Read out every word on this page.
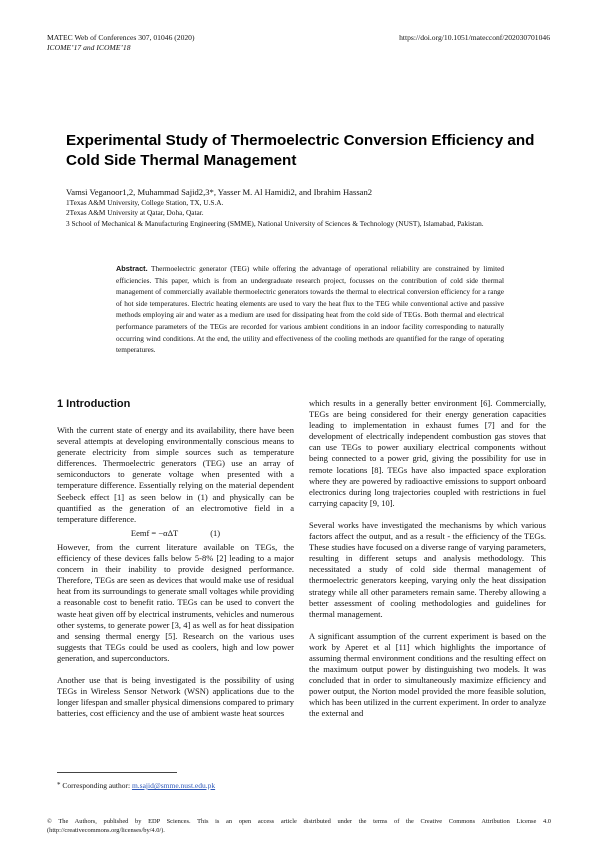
MATEC Web of Conferences 307, 01046 (2020)
ICOME’17 and ICOME’18
https://doi.org/10.1051/matecconf/202030701046
Experimental Study of Thermoelectric Conversion Efficiency and Cold Side Thermal Management
Vamsi Veganoor1,2, Muhammad Sajid2,3*, Yasser M. Al Hamidi2, and Ibrahim Hassan2

1Texas A&M University, College Station, TX, U.S.A.

2Texas A&M University at Qatar, Doha, Qatar.

3 School of Mechanical & Manufacturing Engineering (SMME), National University of Sciences & Technology (NUST), Islamabad, Pakistan.

Abstract. Thermoelectric generator (TEG) while offering the advantage of operational reliability are constrained by limited efficiencies. This paper, which is from an undergraduate research project, focusses on the contribution of cold side thermal management of commercially available thermoelectric generators towards the thermal to electrical conversion efficiency for a range of hot side temperatures. Electric heating elements are used to vary the heat flux to the TEG while conventional active and passive methods employing air and water as a medium are used for dissipating heat from the cold side of TEGs. Both thermal and electrical performance parameters of the TEGs are recorded for various ambient conditions in an indoor facility corresponding to naturally occurring wind conditions. At the end, the utility and effectiveness of the cooling methods are quantified for the range of operating temperatures.
1 Introduction

With the current state of energy and its availability, there have been several attempts at developing environmentally conscious means to generate electricity from simple sources such as temperature differences. Thermoelectric generators (TEG) use an array of semiconductors to generate voltage when presented with a temperature difference. Essentially relying on the material dependent Seebeck effect [1] as seen below in (1) and physically can be quantified as the generation of an electromotive field in a temperature difference.

Eemf = −αΔT	(1)

However, from the current literature available on TEGs, the efficiency of these devices falls below 5-8% [2] leading to a major concern in their inability to provide designed performance. Therefore, TEGs are seen as devices that would make use of residual heat from its surroundings to generate small voltages while providing a reasonable cost to benefit ratio. TEGs can be used to convert the waste heat given off by electrical instruments, vehicles and numerous other systems, to generate power [3, 4] as well as for heat dissipation and sensing thermal energy [5]. Research on the various uses suggests that TEGs could be used as coolers, high and low power generation, and superconductors.

Another use that is being investigated is the possibility of using TEGs in Wireless Sensor Network (WSN) applications due to the longer lifespan and smaller physical dimensions compared to primary batteries, cost efficiency and the use of ambient waste heat sources

which results in a generally better environment [6]. Commercially, TEGs are being considered for their energy generation capacities leading to implementation in exhaust fumes [7] and for the development of electrically independent combustion gas stoves that can use TEGs to power auxiliary electrical components without being connected to a power grid, giving the possibility for use in remote locations [8]. TEGs have also impacted space exploration where they are powered by radioactive emissions to support onboard electronics during long trajectories coupled with restrictions in fuel carrying capacity [9, 10].

Several works have investigated the mechanisms by which various factors affect the output, and as a result - the efficiency of the TEGs. These studies have focused on a diverse range of varying parameters, resulting in different setups and analysis methodology. This necessitated a study of cold side thermal management of thermoelectric generators keeping, varying only the heat dissipation strategy while all other parameters remain same. Thereby allowing a better assessment of cooling methodologies and guidelines for thermal management.

A significant assumption of the current experiment is based on the work by Aperet et al [11] which highlights the importance of assuming thermal environment conditions and the resulting effect on the maximum output power by distinguishing two models. It was concluded that in order to simultaneously maximize efficiency and power output, the Norton model provided the more feasible solution, which has been utilized in the current experiment. In order to analyze the external and

* Corresponding author: m.sajid@smme.nust.edu.pk
© The Authors, published by EDP Sciences. This is an open access article distributed under the terms of the Creative Commons Attribution License 4.0 (http://creativecommons.org/licenses/by/4.0/).
